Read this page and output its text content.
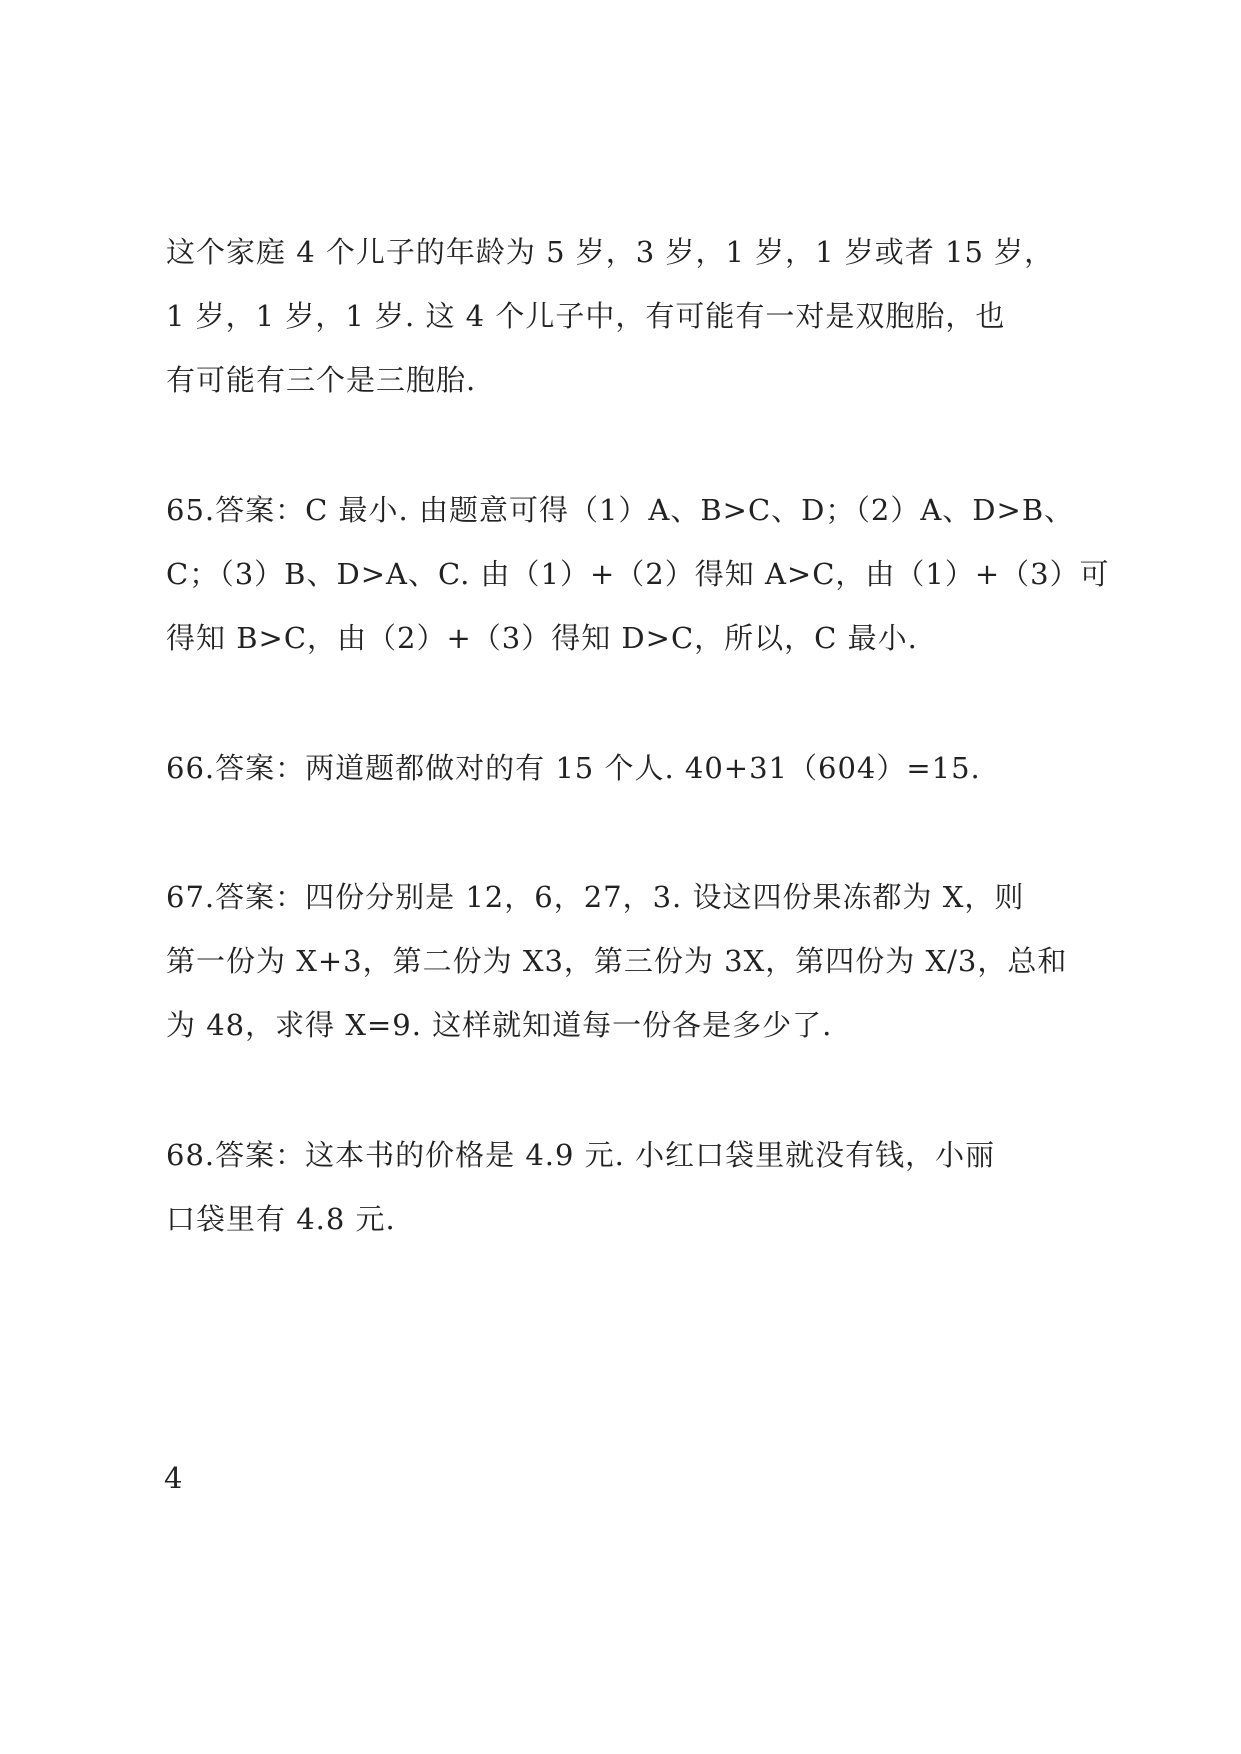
这个家庭 4 个儿子的年龄为 5 岁，3 岁，1 岁，1 岁或者 15 岁，
1 岁，1 岁，1 岁. 这 4 个儿子中，有可能有一对是双胞胎，也
有可能有三个是三胞胎.
65.答案：C 最小. 由题意可得（1）A、B>C、D；（2）A、D>B、
C；（3）B、D>A、C. 由（1）+（2）得知 A>C，由（1）+（3）可
得知 B>C，由（2）+（3）得知 D>C，所以，C 最小.
66.答案：两道题都做对的有 15 个人. 40+31（604）=15.
67.答案：四份分别是 12，6，27，3. 设这四份果冻都为 X，则
第一份为 X+3，第二份为 X3，第三份为 3X，第四份为 X/3，总和
为 48，求得 X=9. 这样就知道每一份各是多少了.
68.答案：这本书的价格是 4.9 元. 小红口袋里就没有钱，小丽
口袋里有 4.8 元.
4
